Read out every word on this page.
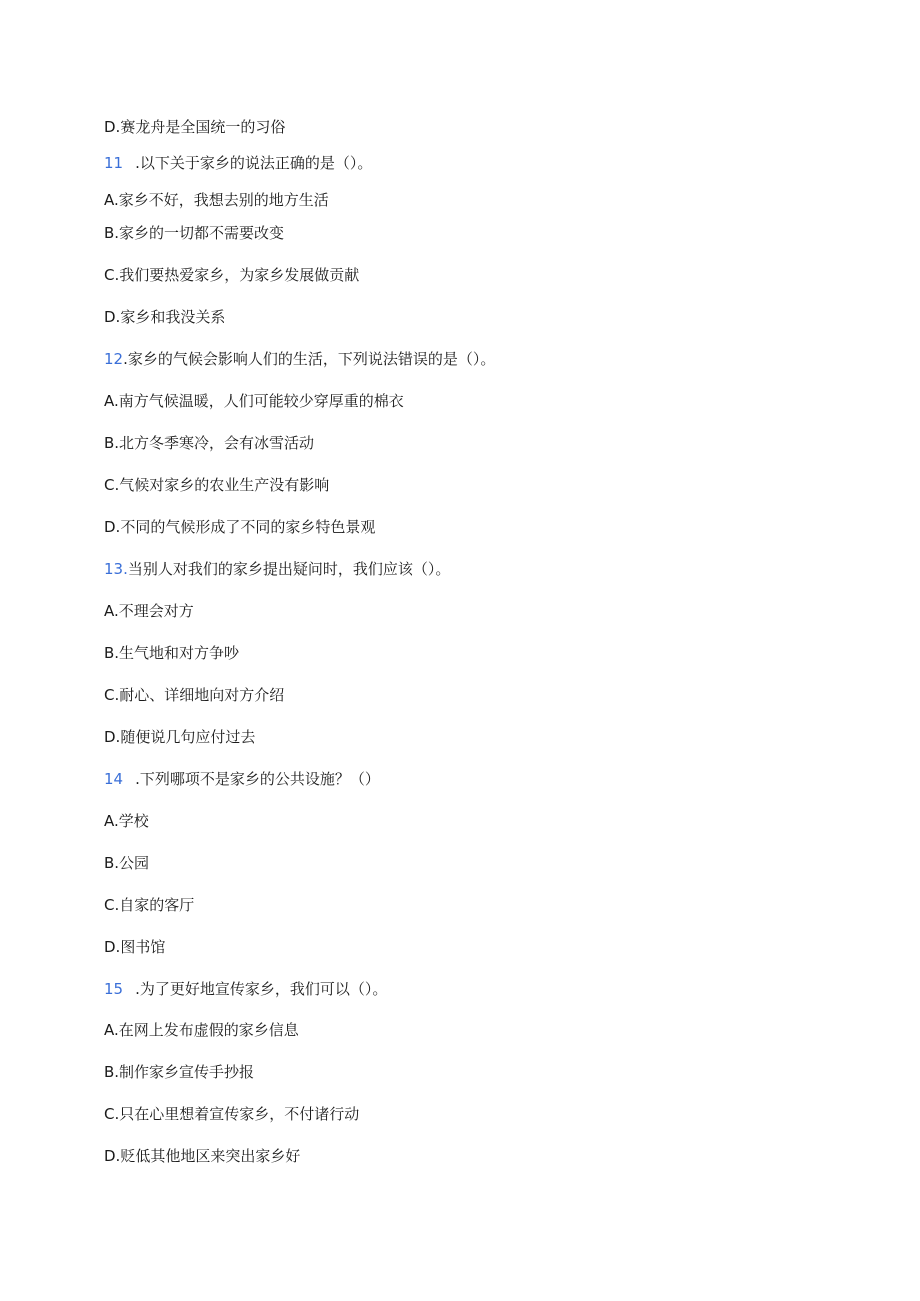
D.赛龙舟是全国统一的习俗
11 .以下关于家乡的说法正确的是（）。
A.家乡不好，我想去别的地方生活
B.家乡的一切都不需要改变
C.我们要热爱家乡，为家乡发展做贡献
D.家乡和我没关系
12.家乡的气候会影响人们的生活，下列说法错误的是（）。
A.南方气候温暖，人们可能较少穿厚重的棉衣
B.北方冬季寒冷，会有冰雪活动
C.气候对家乡的农业生产没有影响
D.不同的气候形成了不同的家乡特色景观
13.当别人对我们的家乡提出疑问时，我们应该（）。
A.不理会对方
B.生气地和对方争吵
C.耐心、详细地向对方介绍
D.随便说几句应付过去
14 .下列哪项不是家乡的公共设施？（）
A.学校
B.公园
C.自家的客厅
D.图书馆
15 .为了更好地宣传家乡，我们可以（）。
A.在网上发布虚假的家乡信息
B.制作家乡宣传手抄报
C.只在心里想着宣传家乡，不付诸行动
D.贬低其他地区来突出家乡好
